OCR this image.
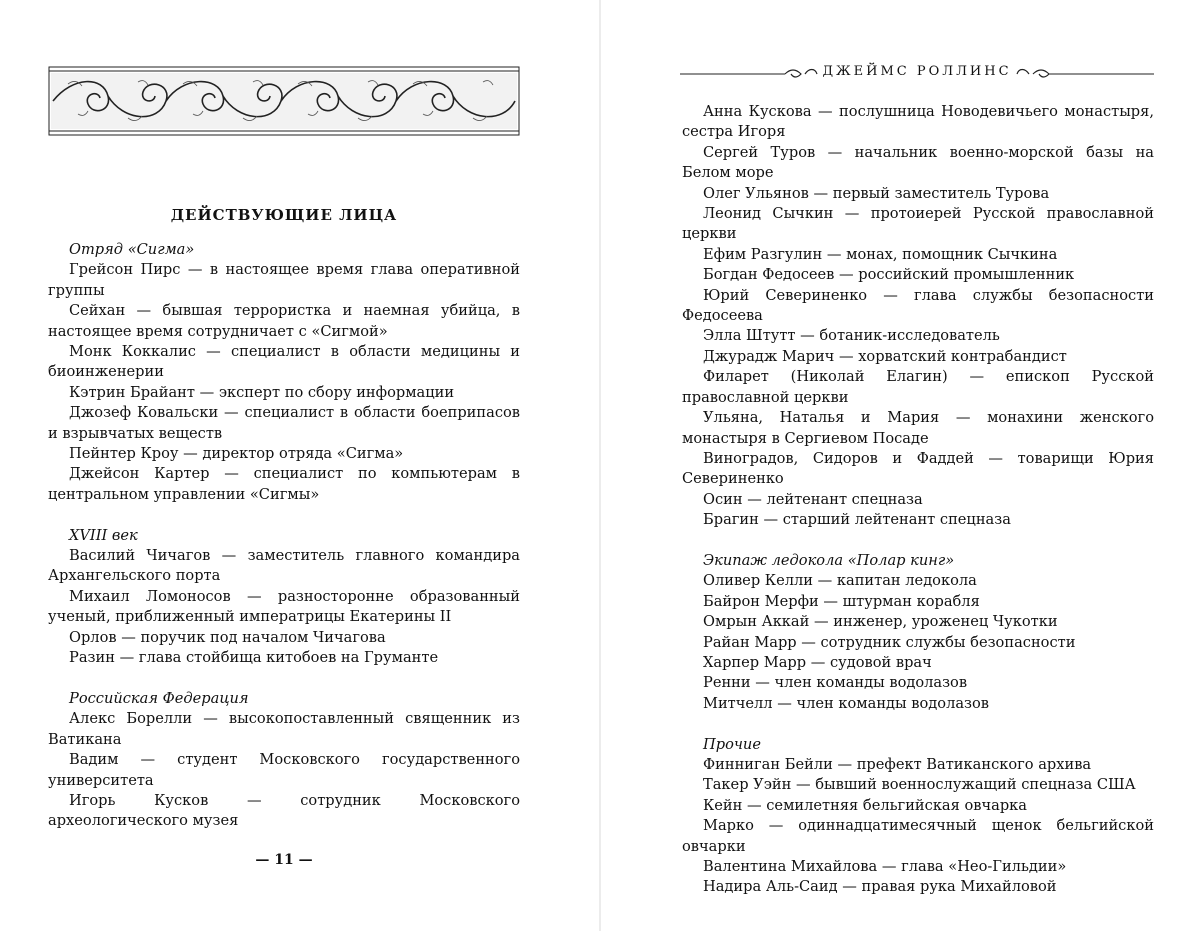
ДЕЙСТВУЮЩИЕ ЛИЦА
Отряд «Сигма»
Грейсон Пирс — в настоящее время глава оперативной группы
Сейхан — бывшая террористка и наемная убийца, в настоящее время сотрудничает с «Сигмой»
Монк Коккалис — специалист в области медицины и биоинженерии
Кэтрин Брайант — эксперт по сбору информации
Джозеф Ковальски — специалист в области боеприпасов и взрывчатых веществ
Пейнтер Кроу — директор отряда «Сигма»
Джейсон Картер — специалист по компьютерам в центральном управлении «Сигмы»
XVIII век
Василий Чичагов — заместитель главного командира Архангельского порта
Михаил Ломоносов — разносторонне образованный ученый, приближенный императрицы Екатерины II
Орлов — поручик под началом Чичагова
Разин — глава стойбища китобоев на Груманте
Российская Федерация
Алекс Борелли — высокопоставленный священник из Ватикана
Вадим — студент Московского государственного университета
Игорь Кусков — сотрудник Московского археологического музея
— 11 —
ДЖЕЙМС РОЛЛИНС
Анна Кускова — послушница Новодевичьего монастыря, сестра Игоря
Сергей Туров — начальник военно-морской базы на Белом море
Олег Ульянов — первый заместитель Турова
Леонид Сычкин — протоиерей Русской православной церкви
Ефим Разгулин — монах, помощник Сычкина
Богдан Федосеев — российский промышленник
Юрий Севериненко — глава службы безопасности Федосеева
Элла Штутт — ботаник-исследователь
Джурадж Марич — хорватский контрабандист
Филарет (Николай Елагин) — епископ Русской православной церкви
Ульяна, Наталья и Мария — монахини женского монастыря в Сергиевом Посаде
Виноградов, Сидоров и Фаддей — товарищи Юрия Севериненко
Осин — лейтенант спецназа
Брагин — старший лейтенант спецназа
Экипаж ледокола «Полар кинг»
Оливер Келли — капитан ледокола
Байрон Мерфи — штурман корабля
Омрын Аккай — инженер, уроженец Чукотки
Райан Марр — сотрудник службы безопасности
Харпер Марр — судовой врач
Ренни — член команды водолазов
Митчелл — член команды водолазов
Прочие
Финниган Бейли — префект Ватиканского архива
Такер Уэйн — бывший военнослужащий спецназа США
Кейн — семилетняя бельгийская овчарка
Марко — одиннадцатимесячный щенок бельгийской овчарки
Валентина Михайлова — глава «Нео-Гильдии»
Надира Аль-Саид — правая рука Михайловой
